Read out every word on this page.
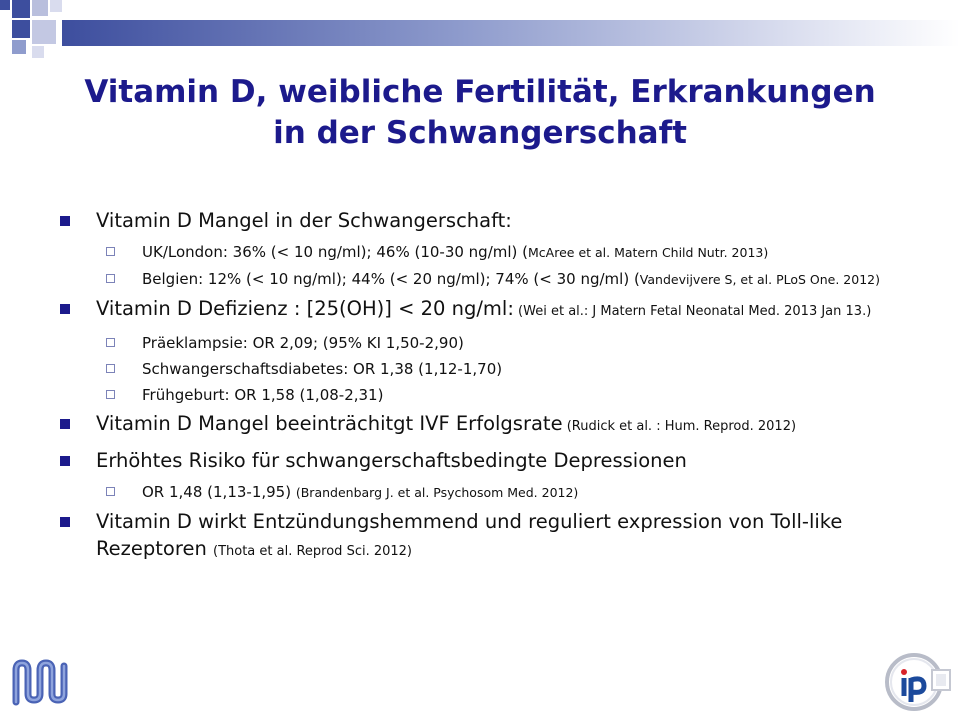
Vitamin D, weibliche Fertilität, Erkrankungen
in der Schwangerschaft
Vitamin D Mangel in der Schwangerschaft:
UK/London: 36% (< 10 ng/ml); 46% (10-30 ng/ml) (McAree et al. Matern Child Nutr. 2013)
Belgien: 12% (< 10 ng/ml); 44% (< 20 ng/ml); 74% (< 30 ng/ml) (Vandevijvere S, et al. PLoS One. 2012)
Vitamin D Defizienz : [25(OH)] < 20 ng/ml: (Wei et al.: J Matern Fetal Neonatal Med. 2013 Jan 13.)
Präeklampsie: OR 2,09; (95% KI 1,50-2,90)
Schwangerschaftsdiabetes: OR 1,38 (1,12-1,70)
Frühgeburt: OR 1,58 (1,08-2,31)
Vitamin D Mangel beeinträchitgt IVF Erfolgsrate (Rudick et al. : Hum. Reprod. 2012)
Erhöhtes Risiko für schwangerschaftsbedingte Depressionen
OR 1,48 (1,13-1,95) (Brandenbarg J. et al. Psychosom Med. 2012)
Vitamin D wirkt Entzündungshemmend und reguliert expression von Toll-like Rezeptoren (Thota et al. Reprod Sci. 2012)
